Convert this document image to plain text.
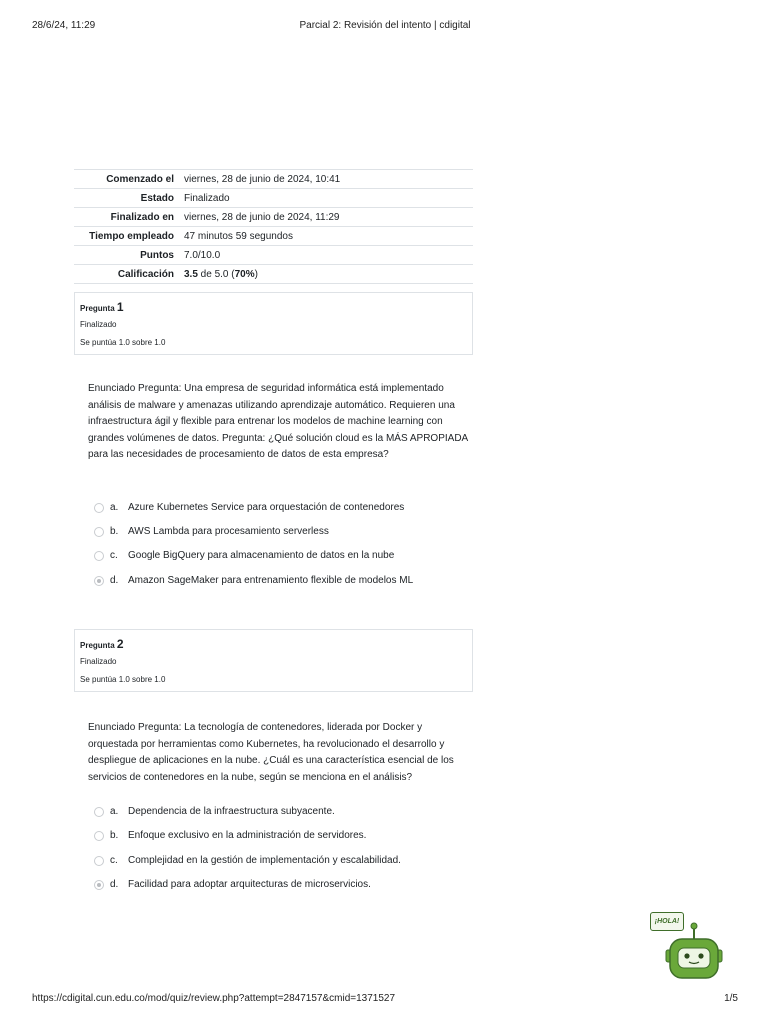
28/6/24, 11:29	Parcial 2: Revisión del intento | cdigital
Comenzado el	viernes, 28 de junio de 2024, 10:41
Estado	Finalizado
Finalizado en	viernes, 28 de junio de 2024, 11:29
Tiempo empleado	47 minutos 59 segundos
Puntos	7.0/10.0
Calificación	3.5 de 5.0 (70%)
Pregunta 1
Finalizado
Se puntúa 1.0 sobre 1.0
Enunciado Pregunta: Una empresa de seguridad informática está implementado análisis de malware y amenazas utilizando aprendizaje automático. Requieren una infraestructura ágil y flexible para entrenar los modelos de machine learning con grandes volúmenes de datos. Pregunta: ¿Qué solución cloud es la MÁS APROPIADA para las necesidades de procesamiento de datos de esta empresa?
a. Azure Kubernetes Service para orquestación de contenedores
b. AWS Lambda para procesamiento serverless
c. Google BigQuery para almacenamiento de datos en la nube
d. Amazon SageMaker para entrenamiento flexible de modelos ML
Pregunta 2
Finalizado
Se puntúa 1.0 sobre 1.0
Enunciado Pregunta: La tecnología de contenedores, liderada por Docker y orquestada por herramientas como Kubernetes, ha revolucionado el desarrollo y despliegue de aplicaciones en la nube. ¿Cuál es una característica esencial de los servicios de contenedores en la nube, según se menciona en el análisis?
a. Dependencia de la infraestructura subyacente.
b. Enfoque exclusivo en la administración de servidores.
c. Complejidad en la gestión de implementación y escalabilidad.
d. Facilidad para adoptar arquitecturas de microservicios.
¡HOLA!
https://cdigital.cun.edu.co/mod/quiz/review.php?attempt=2847157&cmid=1371527	1/5
